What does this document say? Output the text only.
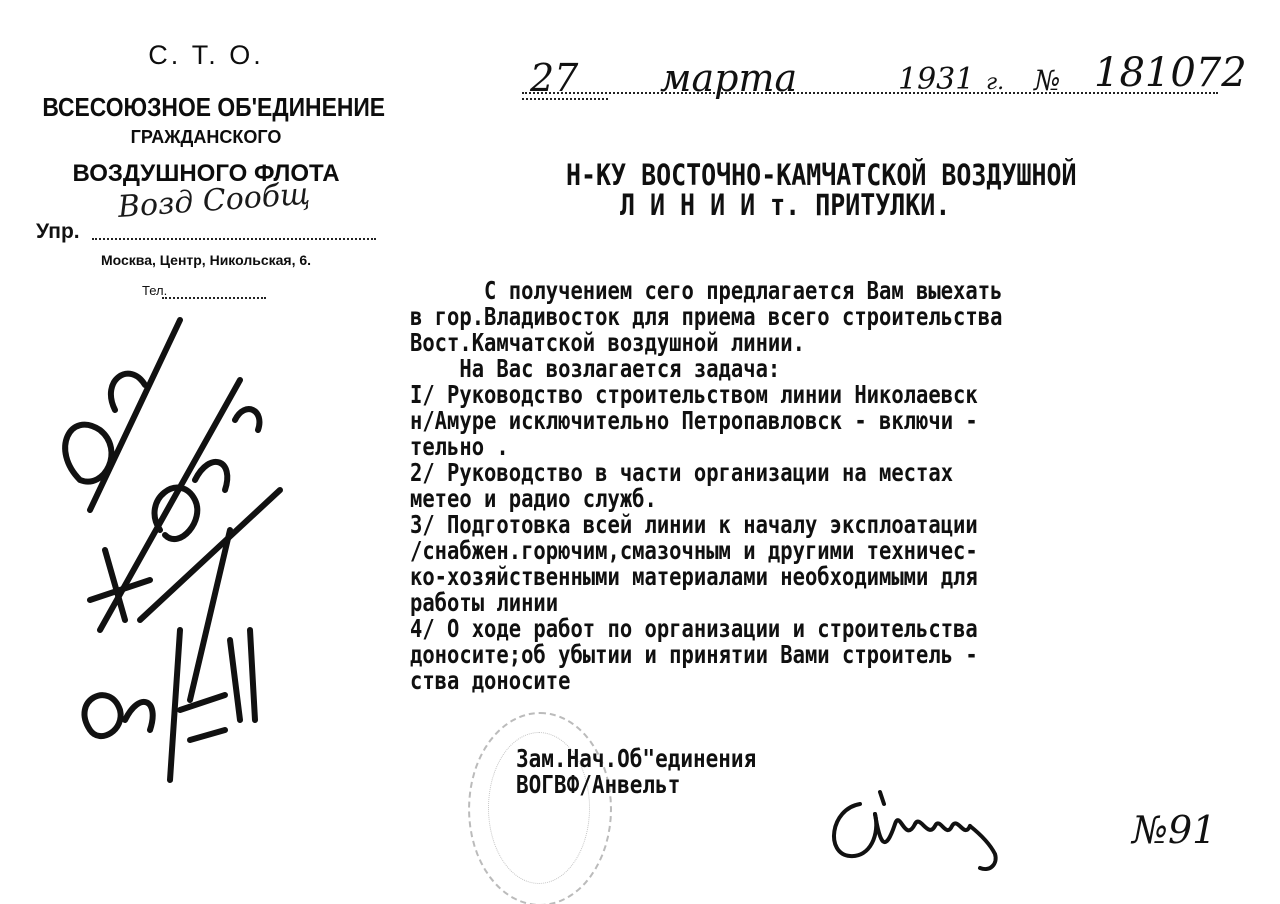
С. Т. О.
ВСЕСОЮЗНОЕ ОБ'ЕДИНЕНИЕ
ГРАЖДАНСКОГО
ВОЗДУШНОГО ФЛОТА
Упр.
Возд Сообщ
Москва, Центр, Никольская, 6.
Тел.
27 марта	1931 г. № 181072
Н-КУ ВОСТОЧНО-КАМЧАТСКОЙ ВОЗДУШНОЙ
Л И Н И И т. ПРИТУЛКИ.
С получением сего предлагается Вам выехать
в гор.Владивосток для приема всего строительства
Вост.Камчатской воздушной линии.
На Вас возлагается задача:
I/ Руководство строительством линии Николаевск
н/Амуре исключительно Петропавловск - включи -
тельно .
2/ Руководство в части организации на местах
метео и радио служб.
3/ Подготовка всей линии к началу эксплоатации
/снабжен.горючим,смазочным и другими техничес-
ко-хозяйственными материалами необходимыми для
работы линии
4/ О ходе работ по организации и строительства
доносите;об убытии и принятии Вами строитель -
ства доносите
Зам.Нач.Об"единения
ВОГВФ/Анвельт
№91
